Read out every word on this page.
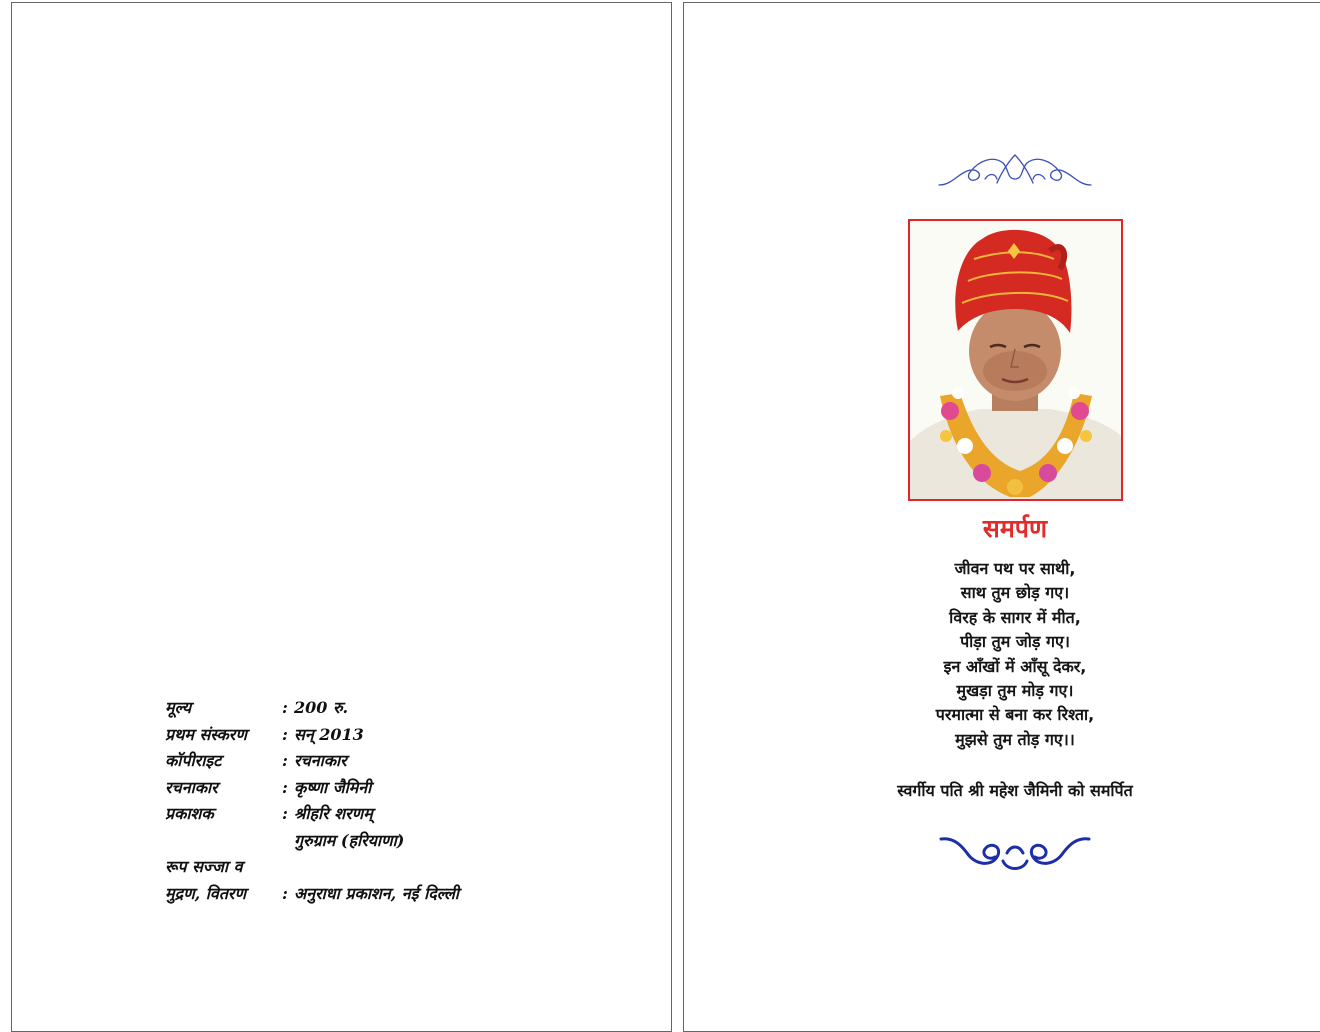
मूल्य	: 200 रु.
प्रथम संस्करण	: सन् 2013
कॉपीराइट	: रचनाकार
रचनाकार	: कृष्णा जैमिनी
प्रकाशक	: श्रीहरि शरणम्
गुरुग्राम (हरियाणा)
रूप सज्जा व
मुद्रण, वितरण	: अनुराधा प्रकाशन, नई दिल्ली
समर्पण
जीवन पथ पर साथी,
साथ तुम छोड़ गए।
विरह के सागर में मीत,
पीड़ा तुम जोड़ गए।
इन आँखों में आँसू देकर,
मुखड़ा तुम मोड़ गए।
परमात्मा से बना कर रिश्ता,
मुझसे तुम तोड़ गए।।
स्वर्गीय पति श्री महेश जैमिनी को समर्पित
